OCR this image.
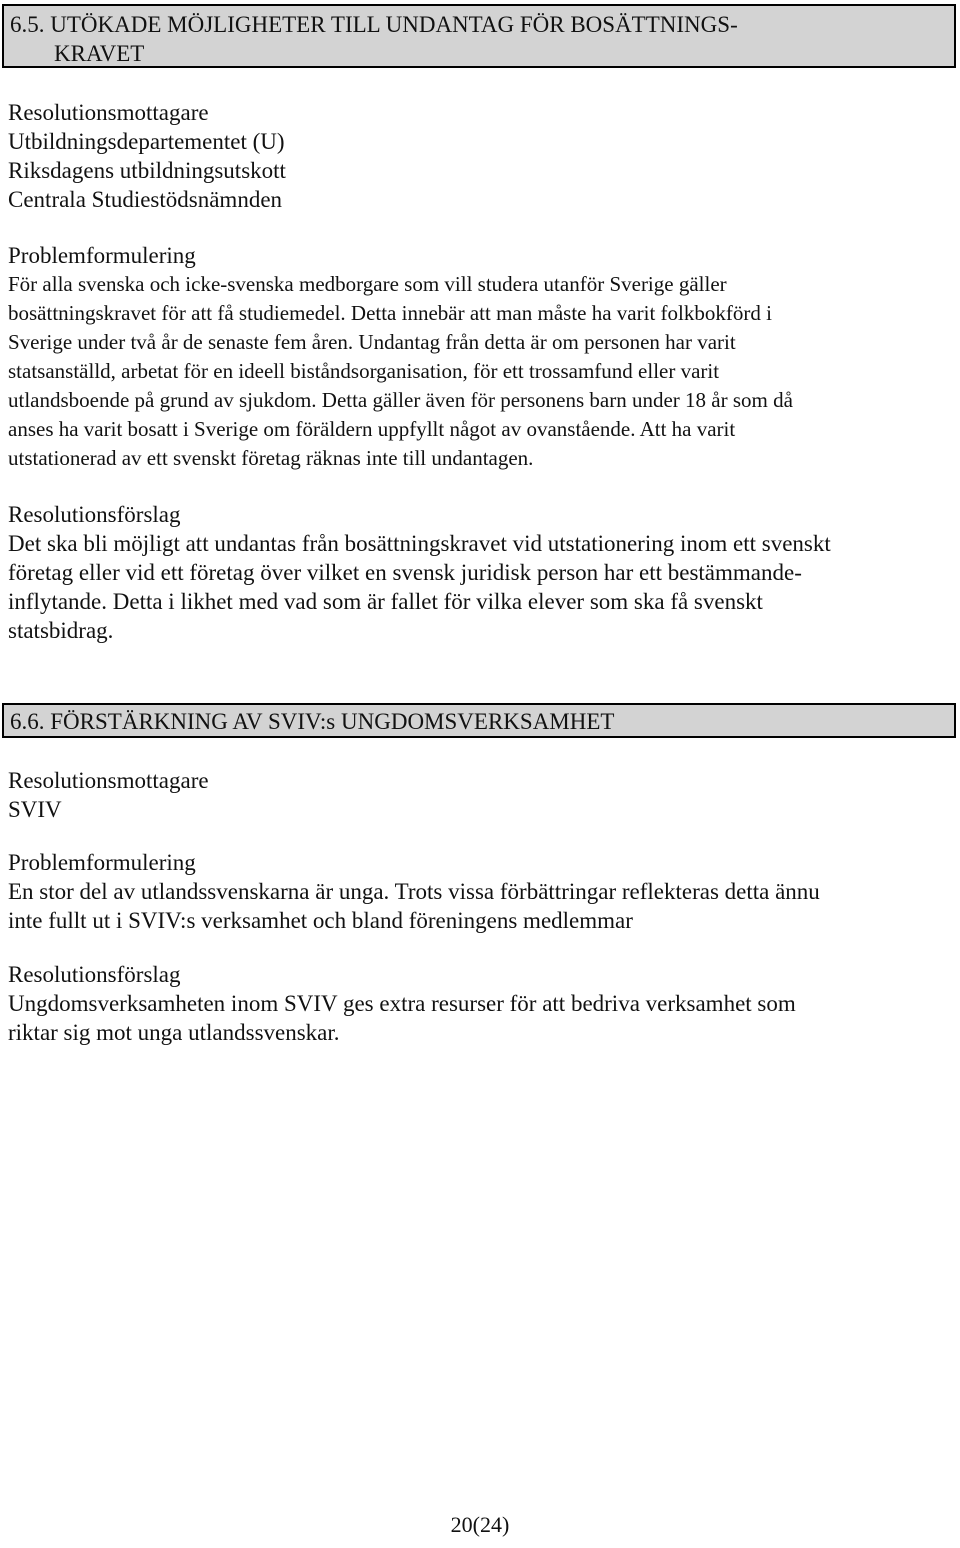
6.5. UTÖKADE MÖJLIGHETER TILL UNDANTAG FÖR BOSÄTTNINGS-
KRAVET
Resolutionsmottagare
Utbildningsdepartementet (U)
Riksdagens utbildningsutskott
Centrala Studiestödsnämnden
Problemformulering
För alla svenska och icke-svenska medborgare som vill studera utanför Sverige gäller
bosättningskravet för att få studiemedel. Detta innebär att man måste ha varit folkbokförd i
Sverige under två år de senaste fem åren. Undantag från detta är om personen har varit
statsanställd, arbetat för en ideell biståndsorganisation, för ett trossamfund eller varit
utlandsboende på grund av sjukdom. Detta gäller även för personens barn under 18 år som då
anses ha varit bosatt i Sverige om föräldern uppfyllt något av ovanstående. Att ha varit
utstationerad av ett svenskt företag räknas inte till undantagen.
Resolutionsförslag
Det ska bli möjligt att undantas från bosättningskravet vid utstationering inom ett svenskt
företag eller vid ett företag över vilket en svensk juridisk person har ett bestämmande-
inflytande. Detta i likhet med vad som är fallet för vilka elever som ska få svenskt
statsbidrag.
6.6. FÖRSTÄRKNING AV SVIV:s UNGDOMSVERKSAMHET
Resolutionsmottagare
SVIV
Problemformulering
En stor del av utlandssvenskarna är unga. Trots vissa förbättringar reflekteras detta ännu
inte fullt ut i SVIV:s verksamhet och bland föreningens medlemmar
Resolutionsförslag
Ungdomsverksamheten inom SVIV ges extra resurser för att bedriva verksamhet som
riktar sig mot unga utlandssvenskar.
20(24)
